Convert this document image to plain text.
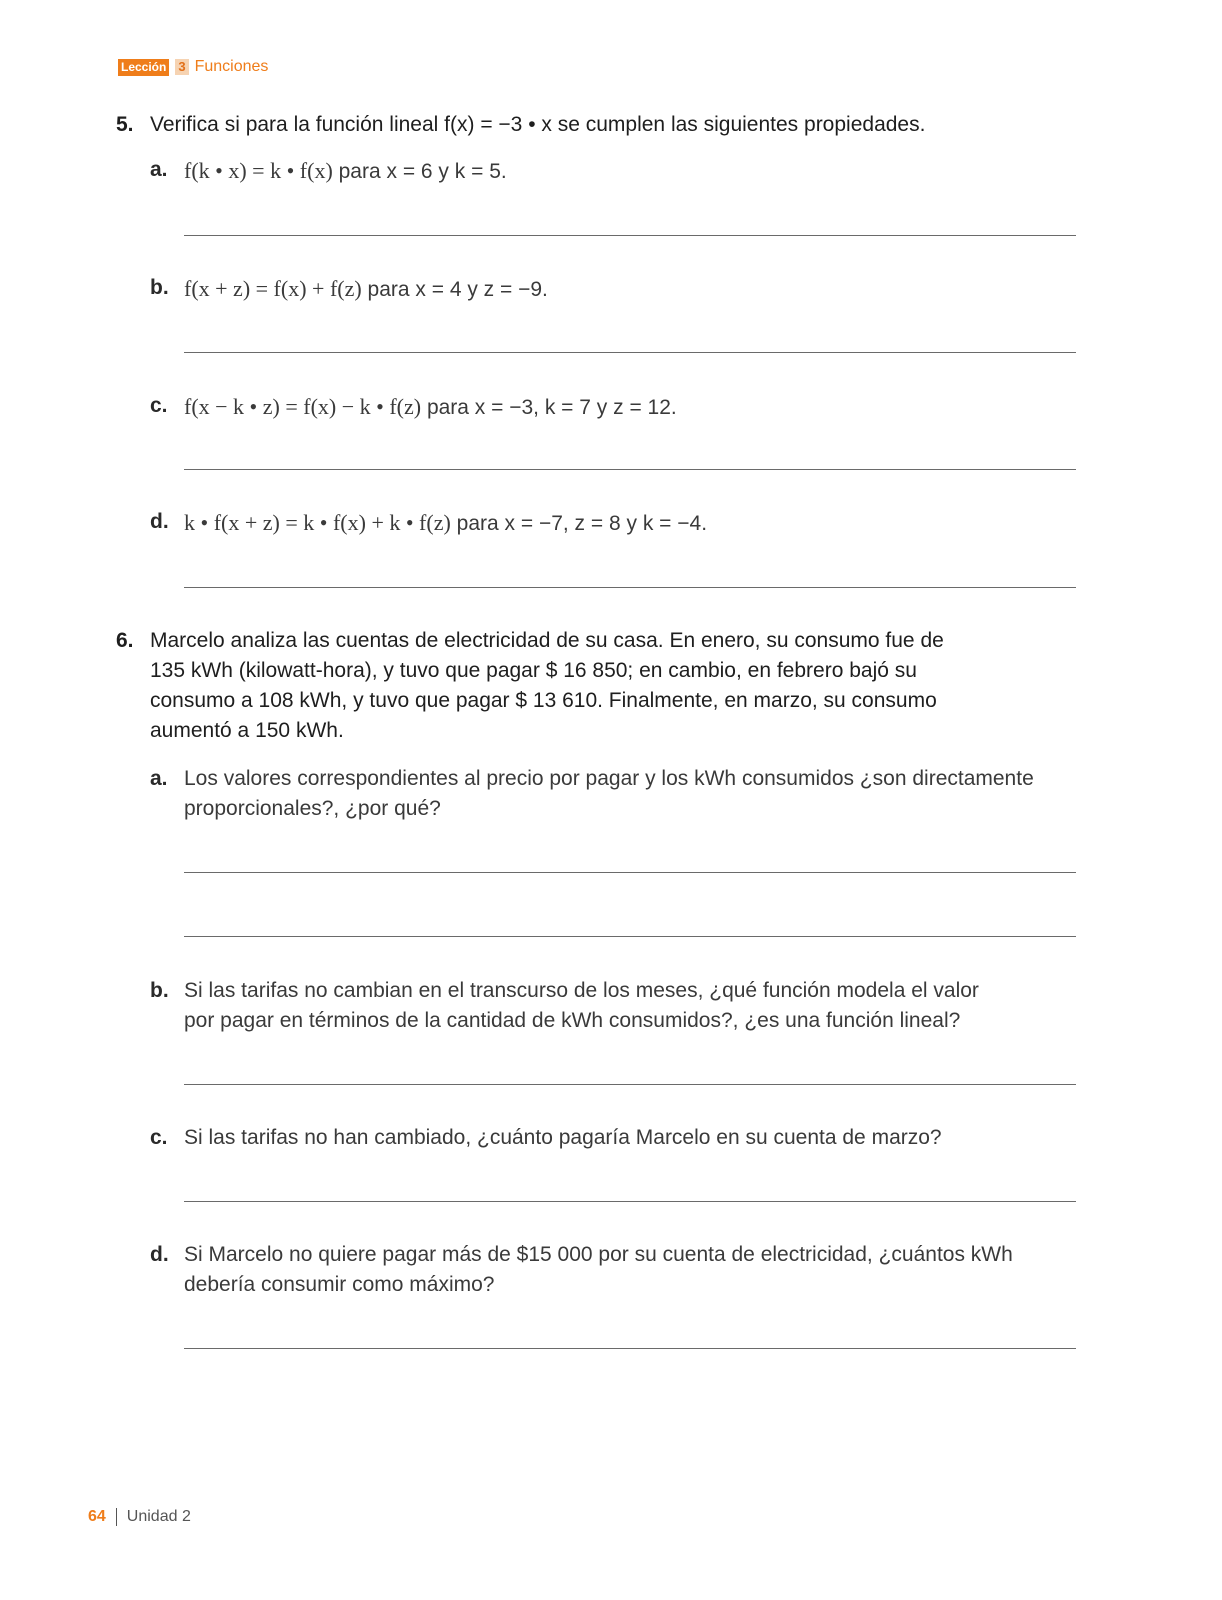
Lección 3 Funciones
5. Verifica si para la función lineal f(x) = −3 • x se cumplen las siguientes propiedades.
a. f(k • x) = k • f(x) para x = 6 y k = 5.
b. f(x + z) = f(x) + f(z) para x = 4 y z = −9.
c. f(x − k • z) = f(x) − k • f(z) para x = −3, k = 7 y z = 12.
d. k • f(x + z) = k • f(x) + k • f(z) para x = −7, z = 8 y k = −4.
6. Marcelo analiza las cuentas de electricidad de su casa. En enero, su consumo fue de
135 kWh (kilowatt-hora), y tuvo que pagar $ 16 850; en cambio, en febrero bajó su
consumo a 108 kWh, y tuvo que pagar $ 13 610. Finalmente, en marzo, su consumo
aumentó a 150 kWh.
a. Los valores correspondientes al precio por pagar y los kWh consumidos ¿son directamente
proporcionales?, ¿por qué?
b. Si las tarifas no cambian en el transcurso de los meses, ¿qué función modela el valor
por pagar en términos de la cantidad de kWh consumidos?, ¿es una función lineal?
c. Si las tarifas no han cambiado, ¿cuánto pagaría Marcelo en su cuenta de marzo?
d. Si Marcelo no quiere pagar más de $15 000 por su cuenta de electricidad, ¿cuántos kWh
debería consumir como máximo?
64 Unidad 2
